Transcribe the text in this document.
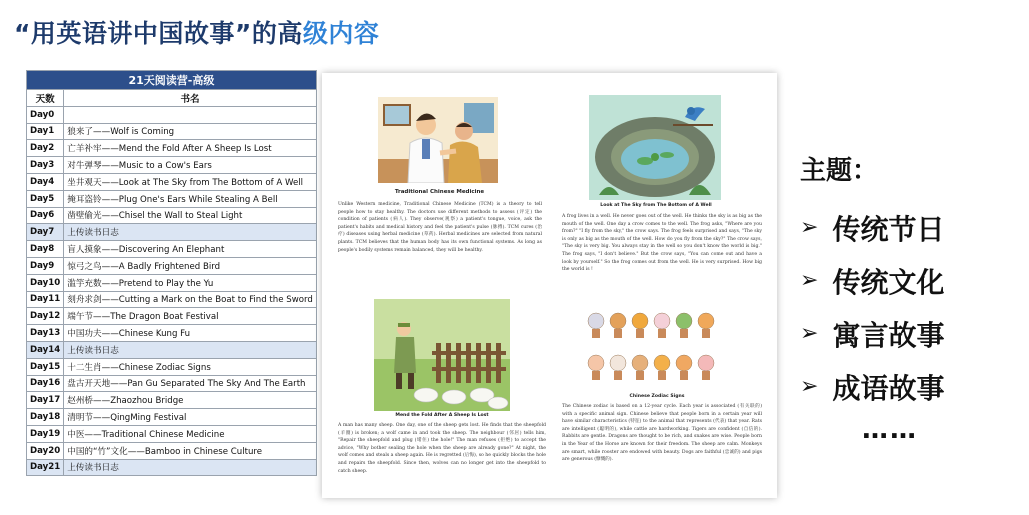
“用英语讲中国故事”的高级内容
21天阅读营-高级	
天数	书名
Day0	
Day1	狼来了——Wolf is Coming
Day2	亡羊补牢——Mend the Fold After A Sheep Is Lost
Day3	对牛弹琴——Music to a Cow's Ears
Day4	坐井观天——Look at The Sky from The Bottom of A Well
Day5	掩耳盗铃——Plug One's Ears While Stealing A Bell
Day6	凿壁偷光——Chisel the Wall to Steal Light
Day7	上传读书日志
Day8	盲人摸象——Discovering An Elephant
Day9	惊弓之鸟——A Badly Frightened Bird
Day10	滥竽充数——Pretend to Play the Yu
Day11	刻舟求剑——Cutting a Mark on the Boat to Find the Sword
Day12	端午节——The Dragon Boat Festival
Day13	中国功夫——Chinese Kung Fu
Day14	上传读书日志
Day15	十二生肖——Chinese Zodiac Signs
Day16	盘古开天地——Pan Gu Separated The Sky And The Earth
Day17	赵州桥——Zhaozhou Bridge
Day18	清明节——QingMing Festival
Day19	中医——Traditional Chinese Medicine
Day20	中国的“竹”文化——Bamboo in Chinese Culture
Day21	上传读书日志
Traditional Chinese Medicine
Unlike Western medicine, Traditional Chinese Medicine (TCM) is a theory to tell people how to stay healthy. The doctors use different methods to assess (评定) the condition of patients (病人). They observe(观察) a patient's tongue, voice, ask the patient's habits and medical history and feel the patient's pulse (脉搏). TCM cures (治疗) diseases using herbal medicine (草药). Herbal medicines are selected from natural plants. TCM believes that the human body has its own functional systems. As long as people's bodily systems remain balanced, they will be healthy.
Look at The Sky from The Bottom of A Well
A frog lives in a well. He never goes out of the well. He thinks the sky is as big as the mouth of the well. One day a crow comes to the well. The frog asks, "Where are you from?" "I fly from the sky," the crow says. The frog feels surprised and says, "The sky is only as big as the mouth of the well. How do you fly from the sky?" The crow says, "The sky is very big. You always stay in the well so you don't know the world is big." The frog says, "I don't believe." But the crow says, "You can come out and have a look by yourself." So the frog comes out from the well. He is very surprised. How big the world is !
Mend the Fold After A Sheep Is Lost
A man has many sheep. One day, one of the sheep gets lost. He finds that the sheepfold (羊圈) is broken; a wolf came in and took the sheep. The neighbour (邻居) tells him, "Repair the sheepfold and plug (堵住) the hole!" The man refuses (拒绝) to accept the advice, "Why bother sealing the hole when the sheep are already gone?" At night, the wolf comes and steals a sheep again. He is regretted (后悔), so he quickly blocks the hole and repairs the sheepfold. Since then, wolves can no longer get into the sheepfold to catch sheep.
Chinese Zodiac Signs
The Chinese zodiac is based on a 12-year cycle. Each year is associated (有关联的) with a specific animal sign. Chinese believe that people born in a certain year will have similar characteristics (特征) to the animal that represents (代表) that year. Rats are intelligent (聪明的), while cattle are hardworking. Tigers are confident (自信的). Rabbits are gentle. Dragons are thought to be rich, and snakes are wise. People born in the Year of the Horse are known for their freedom. The sheep are calm. Monkeys are smart, while rooster are endowed with beauty. Dogs are faithful (忠诚的) and pigs are generous (慷慨的).
主题：
➢ 传统节日
➢ 传统文化
➢ 寓言故事
➢ 成语故事
……
